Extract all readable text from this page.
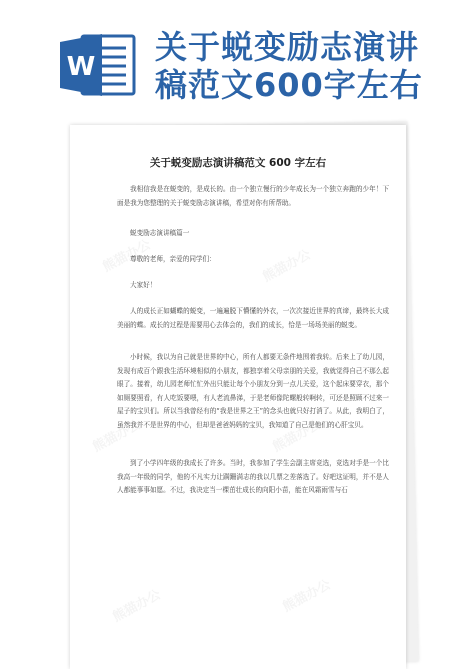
W
关于蜕变励志演讲
稿范文600字左右
熊猫办公	熊猫办公
熊猫办公	熊猫办公
熊猫办公	熊猫办公
关于蜕变励志演讲稿范文 600 字左右
我相信我是在蜕变的，是成长的。由一个独立慢行的少年成长为一个独立奔跑的少年！下面是我为您整理的关于蜕变励志演讲稿，希望对你有所帮助。
蜕变励志演讲稿篇一
尊敬的老师，亲爱的同学们：
大家好！
人的成长正如蝴蝶的蜕变，一遍遍脱下懵懂的外衣，一次次接近世界的真谛，最终长大成美丽的蝶。成长的过程是需要用心去体会的，我们的成长，恰是一场场美丽的蜕变。
小时候，我以为自己就是世界的中心，所有人都要无条件地围着我转。后来上了幼儿园，发现有成百个跟我生活环境相似的小朋友，都独享着父母亲朋的关爱，我就觉得自己不那么起眼了。接着，幼儿园老师忙忙外出只能让每个小朋友分到一点儿关爱，这个起床要穿衣，那个如厕要照看，有人吃饭要喂，有人老流鼻涕，于是老师像陀螺般转啊转，可还是照顾不过来一屋子的宝贝们。所以当我曾经有的“我是世界之王”的念头也就只好打消了。从此，我明白了，虽然我并不是世界的中心，但却是爸爸妈妈的宝贝，我知道了自己是他们的心肝宝贝。
到了小学四年级的我成长了许多。当时，我参加了学生会副主席竞选，竞选对手是一个比我高一年级的同学，他的不凡实力让蹒跚满志的我以几票之差落选了。好吧这证明，并不是人人都能事事如愿。不过，我决定当一棵茁壮成长的向阳小苗，能在风霜雨雪与石
